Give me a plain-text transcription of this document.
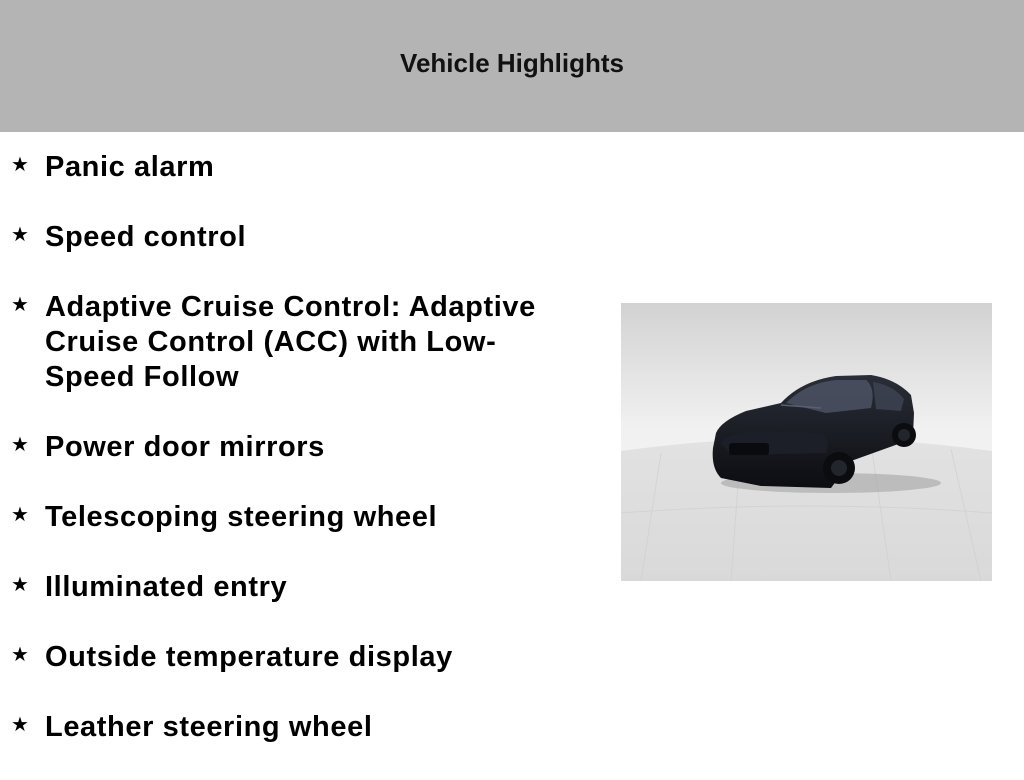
Vehicle Highlights
★ Panic alarm
★ Speed control
★ Adaptive Cruise Control: Adaptive Cruise Control (ACC) with Low-Speed Follow
★ Power door mirrors
★ Telescoping steering wheel
★ Illuminated entry
★ Outside temperature display
★ Leather steering wheel
